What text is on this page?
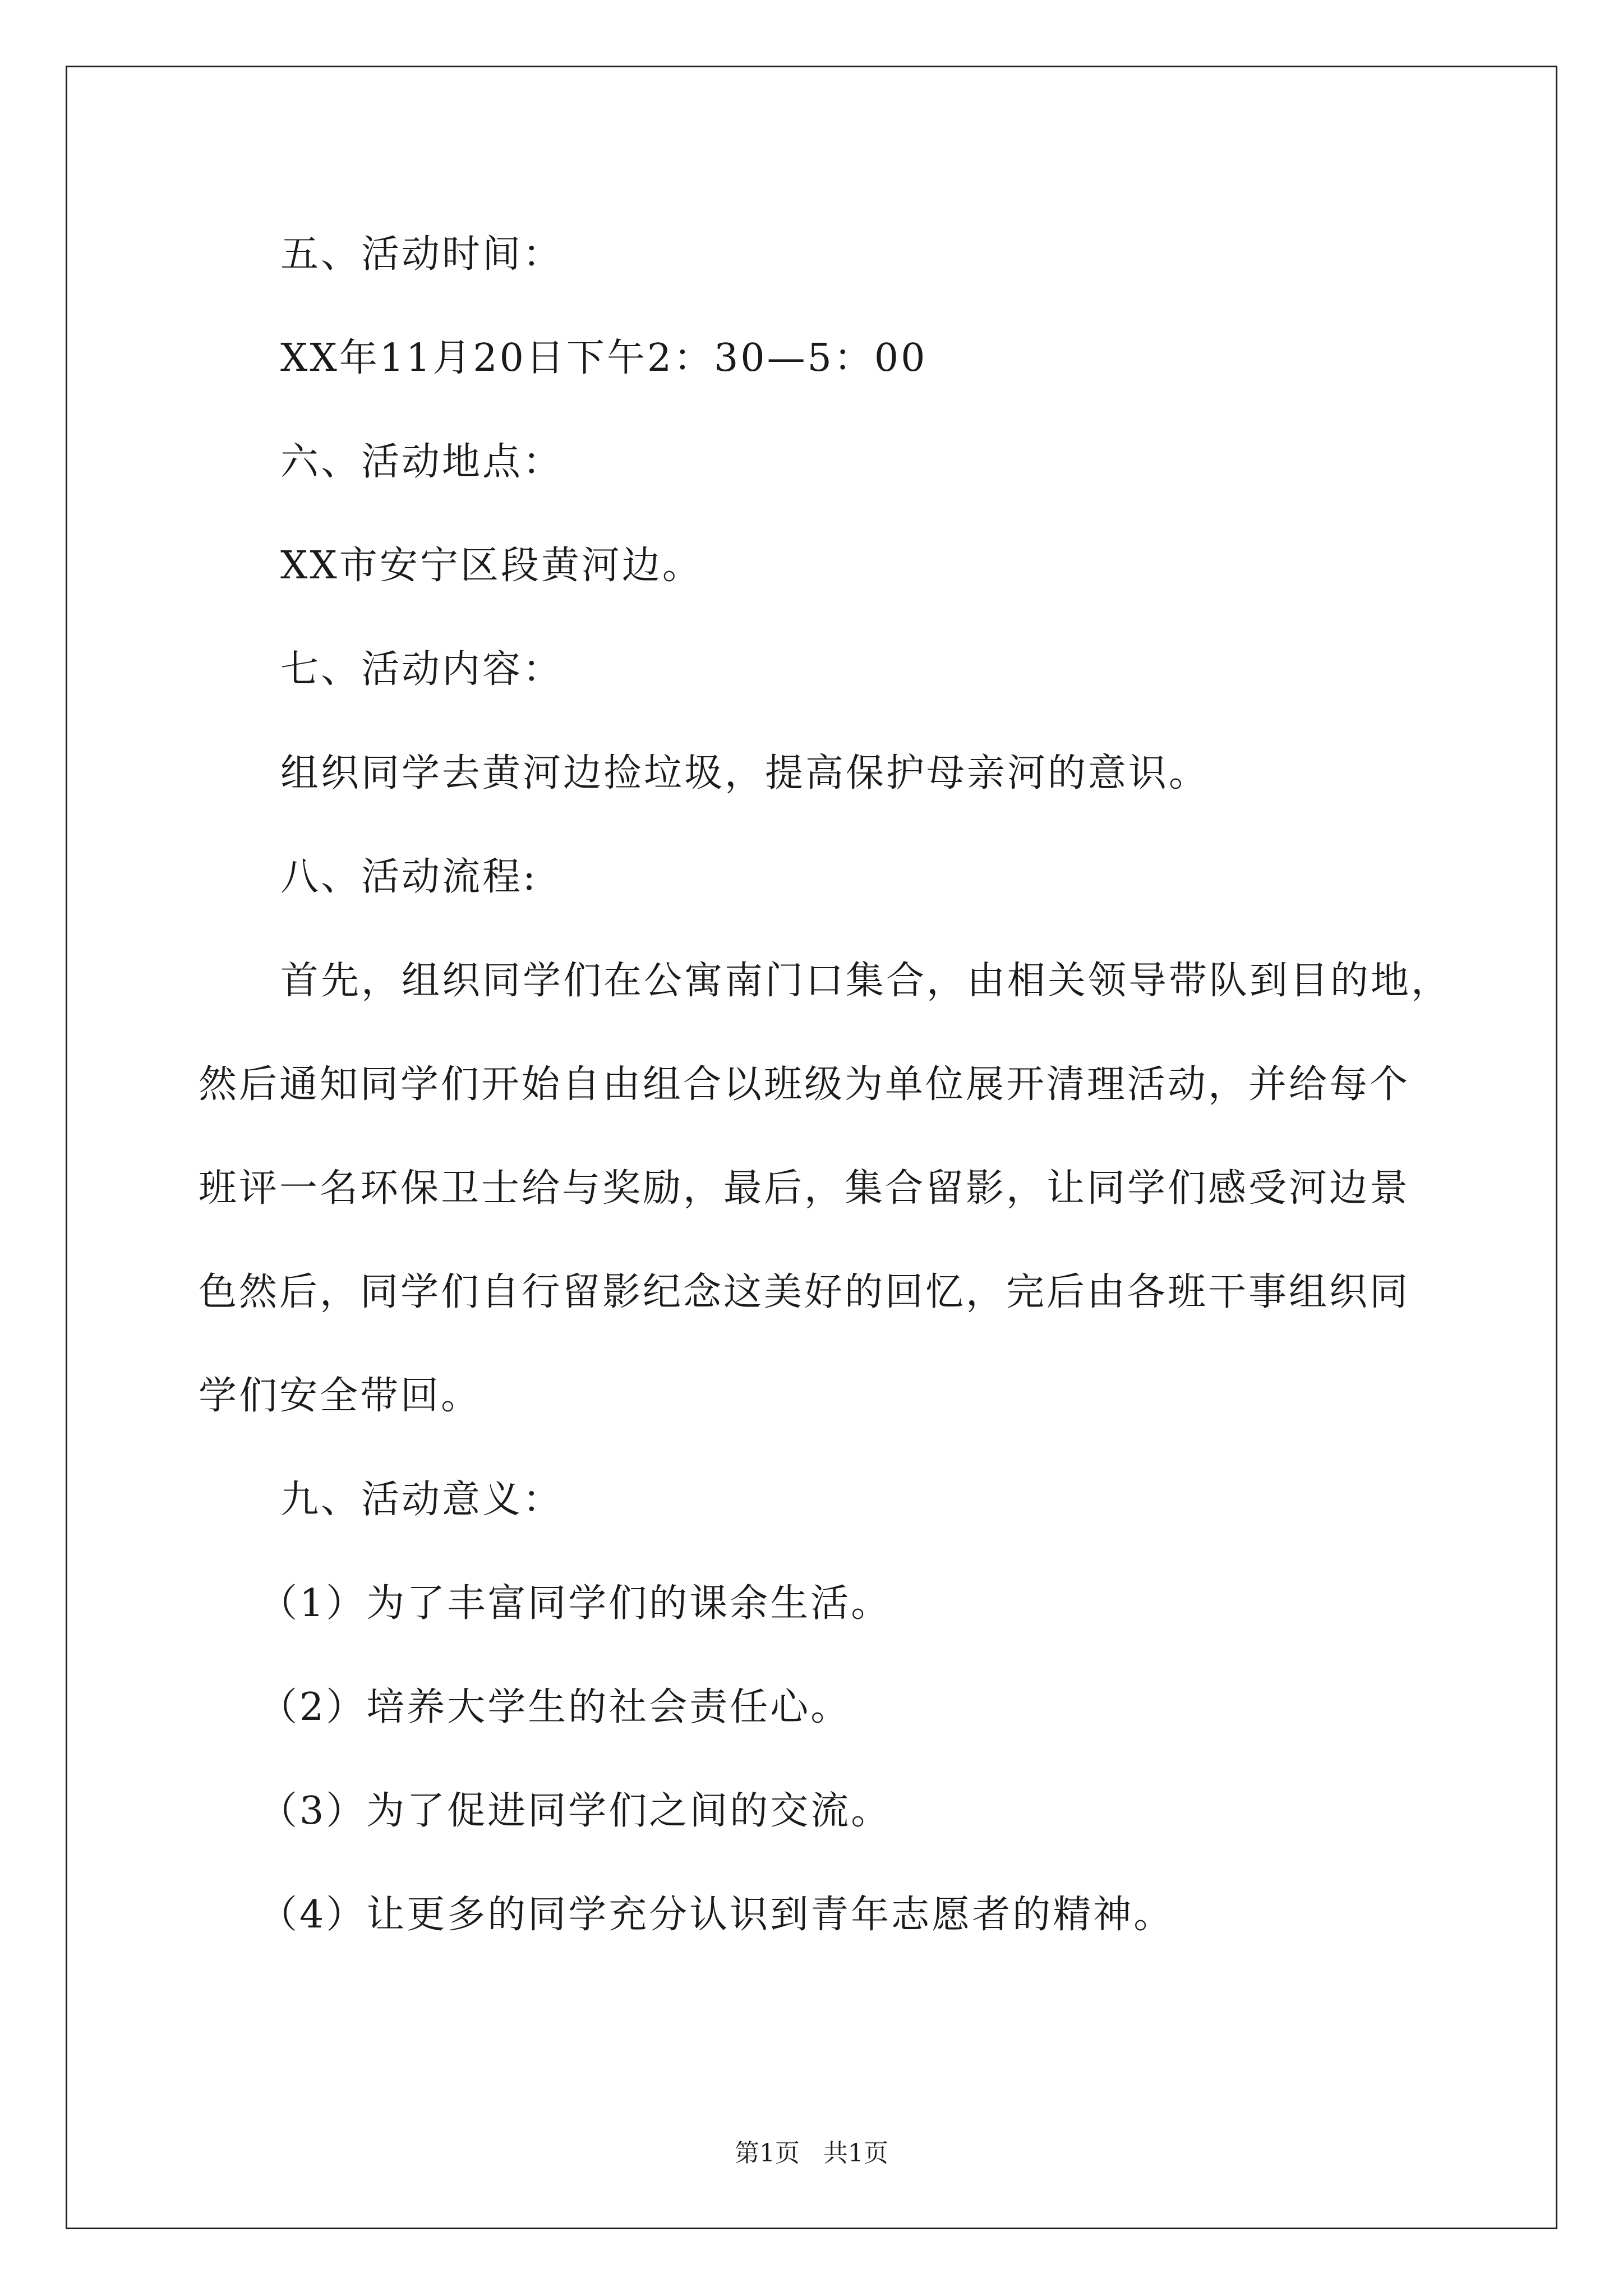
五、活动时间：
XX年11月20日下午2：30—5：00
六、活动地点：
XX市安宁区段黄河边。
七、活动内容：
组织同学去黄河边捡垃圾，提高保护母亲河的意识。
八、活动流程:
首先，组织同学们在公寓南门口集合，由相关领导带队到目的地，
然后通知同学们开始自由组合以班级为单位展开清理活动，并给每个
班评一名环保卫士给与奖励，最后，集合留影，让同学们感受河边景
色然后，同学们自行留影纪念这美好的回忆，完后由各班干事组织同
学们安全带回。
九、活动意义：
（1）为了丰富同学们的课余生活。
（2）培养大学生的社会责任心。
（3）为了促进同学们之间的交流。
（4）让更多的同学充分认识到青年志愿者的精神。
第1页   共1页
